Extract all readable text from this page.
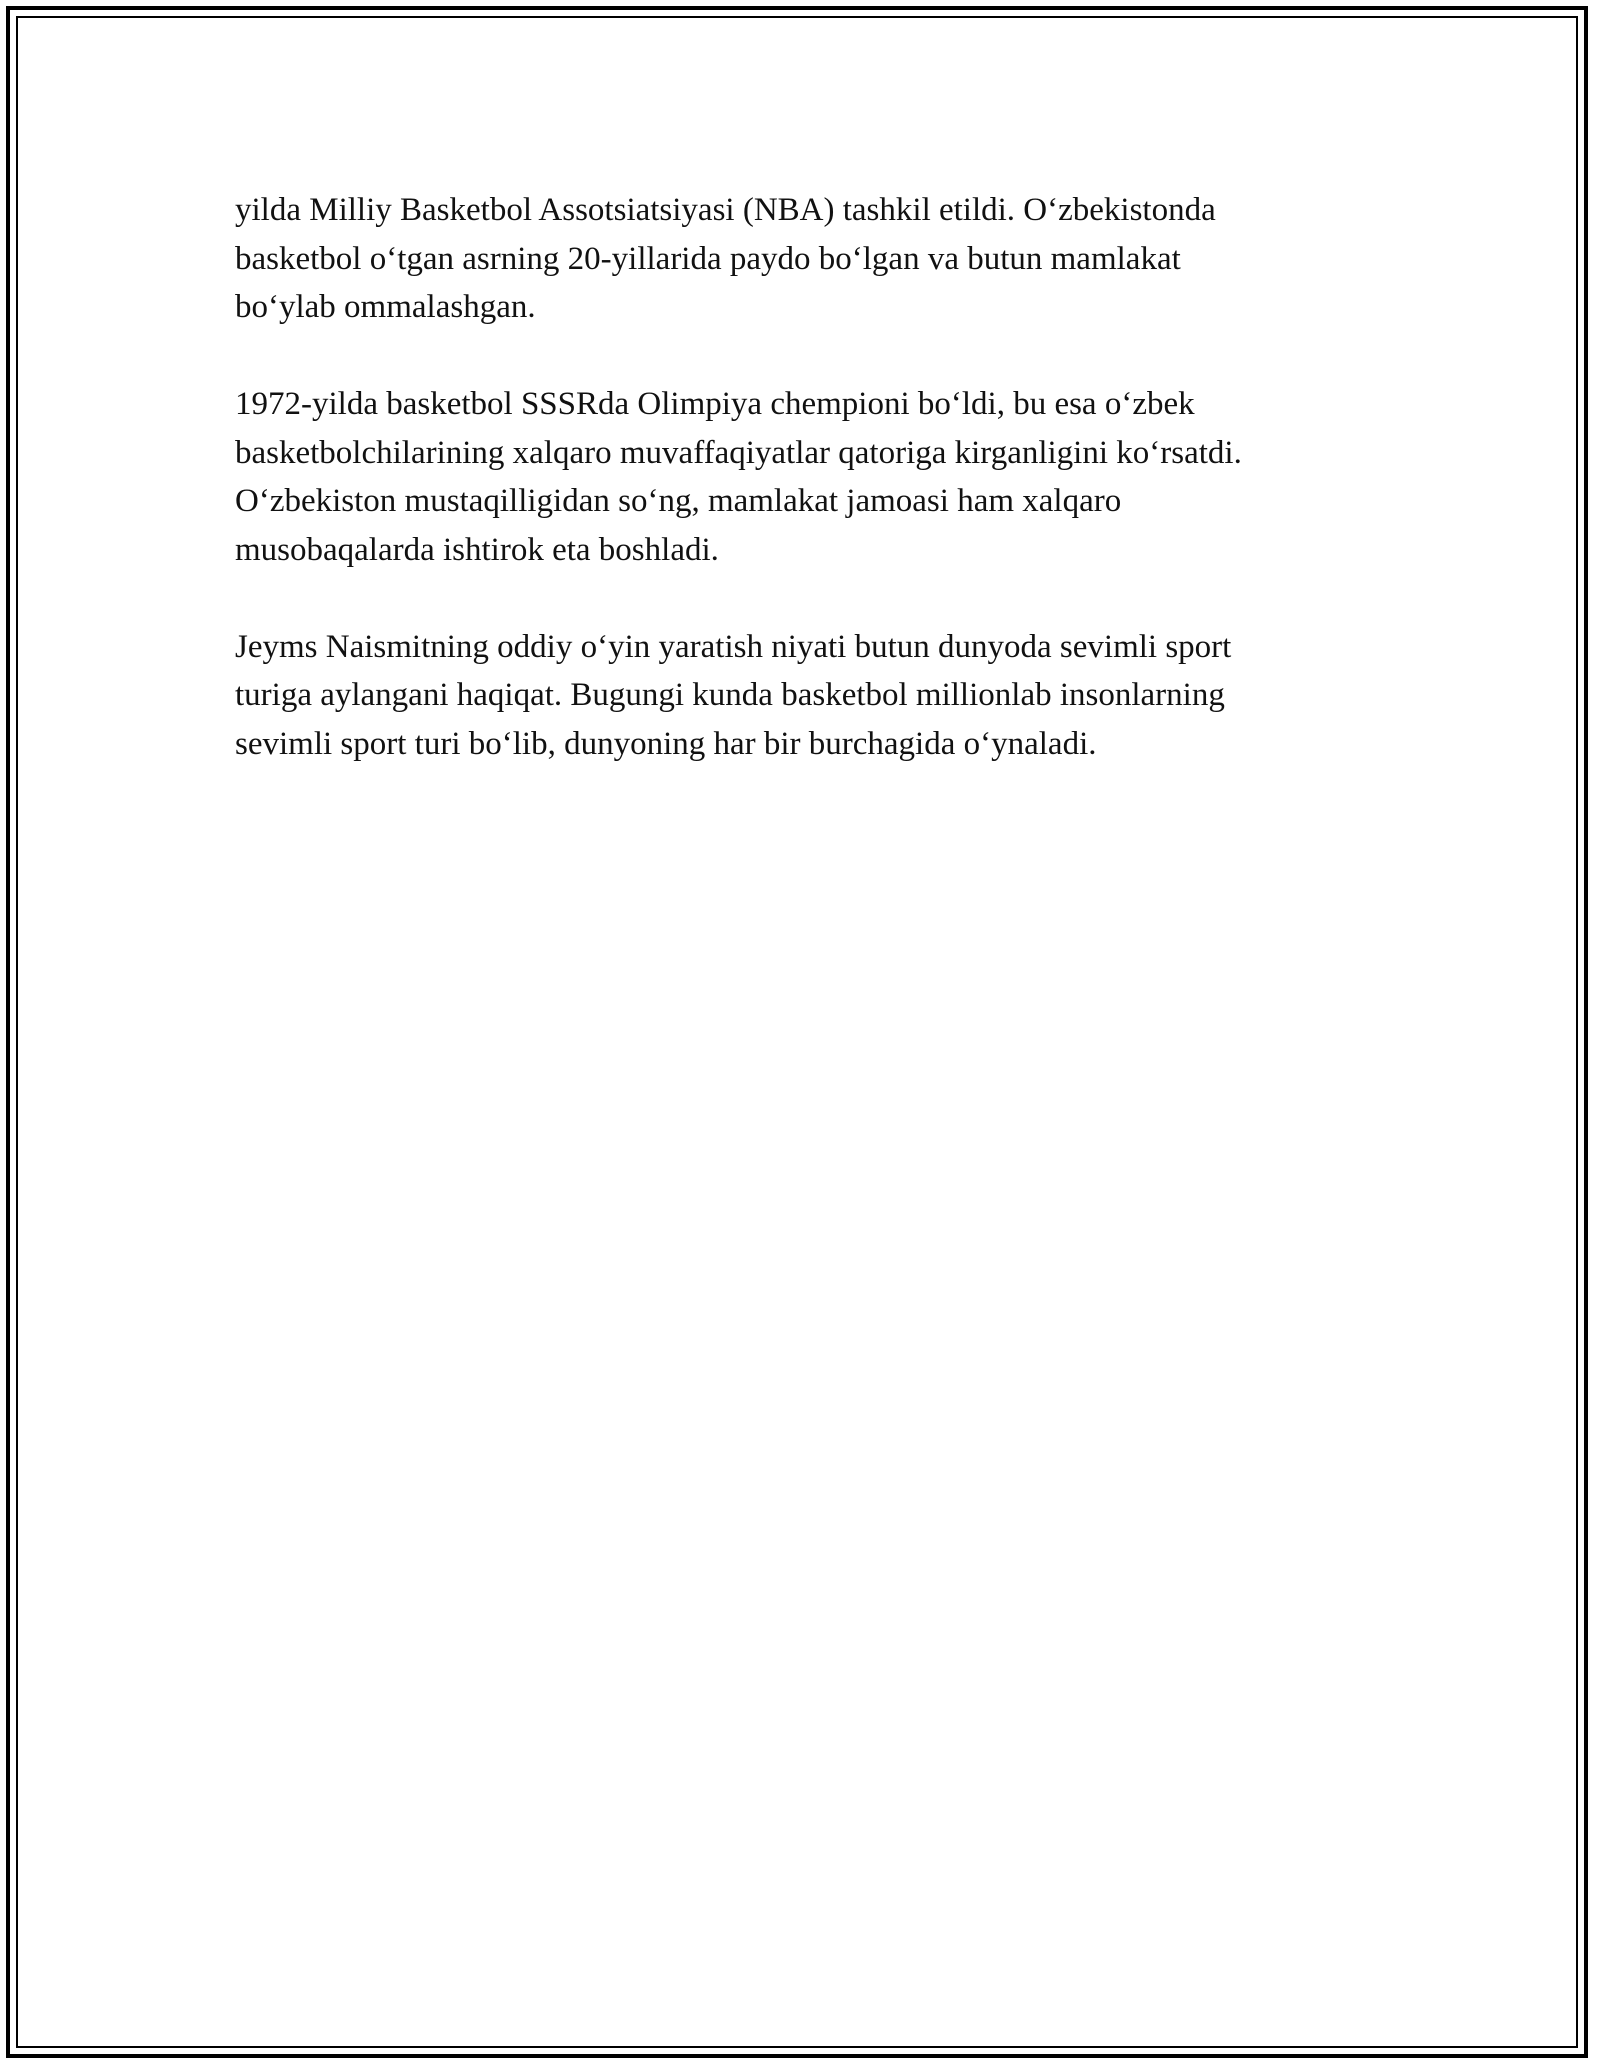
yilda Milliy Basketbol Assotsiatsiyasi (NBA) tashkil etildi. O‘zbekistonda
basketbol o‘tgan asrning 20-yillarida paydo bo‘lgan va butun mamlakat
bo‘ylab ommalashgan.

1972-yilda basketbol SSSRda Olimpiya chempioni bo‘ldi, bu esa o‘zbek
basketbolchilarining xalqaro muvaffaqiyatlar qatoriga kirganligini ko‘rsatdi.
O‘zbekiston mustaqilligidan so‘ng, mamlakat jamoasi ham xalqaro
musobaqalarda ishtirok eta boshladi.

Jeyms Naismitning oddiy o‘yin yaratish niyati butun dunyoda sevimli sport
turiga aylangani haqiqat. Bugungi kunda basketbol millionlab insonlarning
sevimli sport turi bo‘lib, dunyoning har bir burchagida o‘ynaladi.
